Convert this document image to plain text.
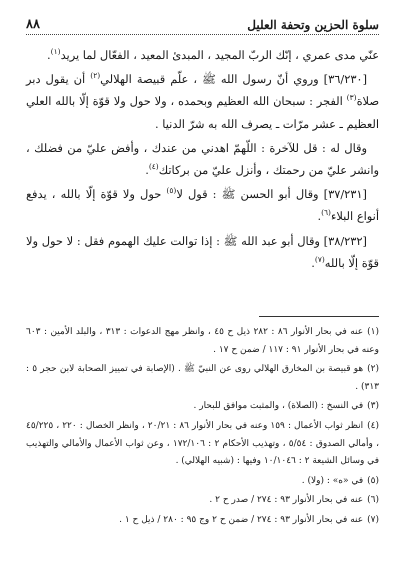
سلوة الحزين وتحفة العليل
٨٨

عنّي مدى عمري ، إنّك الربّ المجيد ، المبدئ المعيد ، الفعّال لما يريد$^{(١)}$.

[٣٦/٢٣٠] وروي أنّ رسول الله ﷺ ، علّم قبيصة الهلالي$^{(٢)}$ أن يقول دبر صلاة$^{(٣)}$ الفجر : سبحان الله العظيم وبحمده ، ولا حول ولا قوّة إلّا بالله العلي العظيم ـ عشر مرّات ـ يصرف الله به شرّ الدنيا .

وقال له : قل للآخرة : اللّهمّ اهدني من عندك ، وأفض عليّ من فضلك ، وانشر عليّ من رحمتك ، وأنزل عليّ من بركاتك$^{(٤)}$.

[٣٧/٢٣١] وقال أبو الحسن ﷺ : قول لا$^{(٥)}$ حول ولا قوّة إلّا بالله ، يدفع أنواع البلاء$^{(٦)}$.

[٣٨/٢٣٢] وقال أبو عبد الله ﷺ : إذا توالت عليك الهموم فقل : لا حول ولا قوّة إلّا بالله$^{(٧)}$.

(١)عنه في بحار الأنوار ٨٦ : ٢٨٢ ذيل ح ٤٥ ، وانظر مهج الدعوات : ٣١٣ ، والبلد الأمين : ٦٠٣ وعنه في بحار الأنوار ٩١ : ١١٧ / ضمن ح ١٧ .
(٢)هو قبيصة بن المخارق الهلالي روى عن النبيّ ﷺ . (الإصابة في تمييز الصحابة لابن حجر ٥ : ٣١٣) .
(٣)في النسخ : (الصلاة) ، والمثبت موافق للبحار .
(٤)انظر ثواب الأعمال : ١٥٩ وعنه في بحار الأنوار ٨٦ : ٢٠/٢١ ، وانظر الخصال : ٢٢٠ ، ٤٥/٢٢٥ ، وأمالي الصدوق : ٥/٥٤ ، وتهذيب الأحكام ٢ : ١٧٢/١٠٦ ، وعن ثواب الأعمال والأمالي والتهذيب في وسائل الشيعة ٢ : ١٠/١٠٤٦ وفيها : (شبيه الهلالي) .
(٥)في «ه» : (ولا) .
(٦)عنه في بحار الأنوار ٩٣ : ٢٧٤ / صدر ح ٢ .
(٧)عنه في بحار الأنوار ٩٣ : ٢٧٤ / ضمن ح ٢ وج ٩٥ : ٢٨٠ / ذيل ح ١ .
